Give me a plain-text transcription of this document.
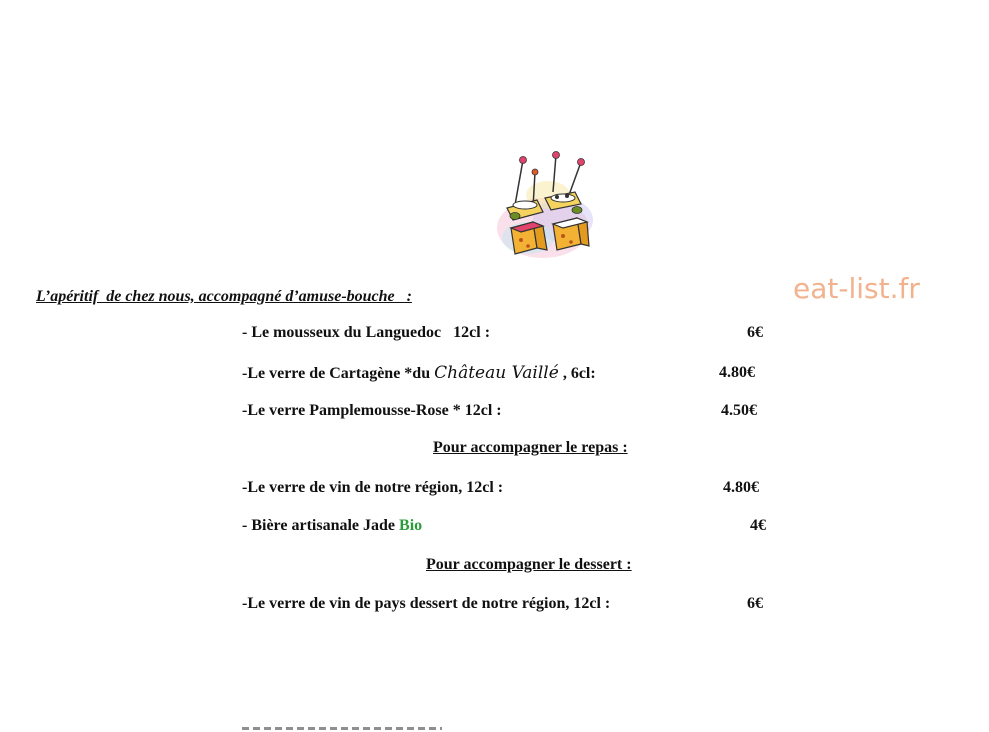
eat-list.fr
L’apéritif  de chez nous, accompagné d’amuse-bouche   :
- Le mousseux du Languedoc   12cl :	6€
-Le verre de Cartagène *du Château Vaillé , 6cl:	4.80€
-Le verre Pamplemousse-Rose * 12cl :	4.50€
Pour accompagner le repas :
-Le verre de vin de notre région, 12cl :	4.80€
- Bière artisanale Jade Bio	4€
Pour accompagner le dessert :
-Le verre de vin de pays dessert de notre région, 12cl :	6€
